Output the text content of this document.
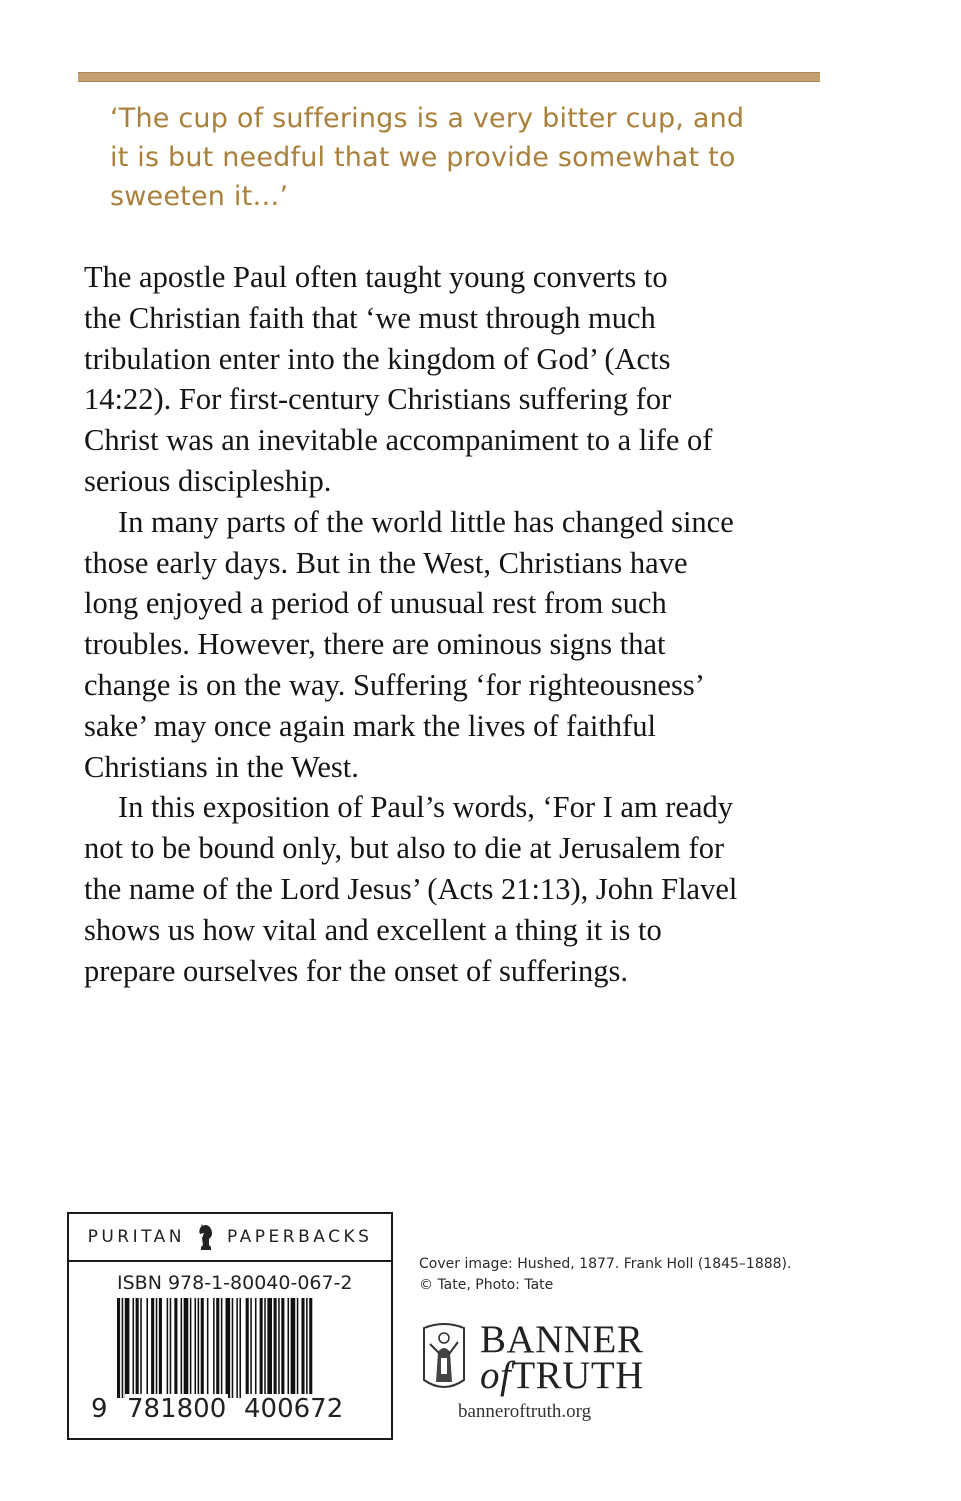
‘The cup of sufferings is a very bitter cup, and
it is but needful that we provide somewhat to
sweeten it…’

The apostle Paul often taught young converts to
the Christian faith that ‘we must through much
tribulation enter into the kingdom of God’ (Acts
14:22). For first-century Christians suffering for
Christ was an inevitable accompaniment to a life of
serious discipleship.

In many parts of the world little has changed since
those early days. But in the West, Christians have
long enjoyed a period of unusual rest from such
troubles. However, there are ominous signs that
change is on the way. Suffering ‘for righteousness’
sake’ may once again mark the lives of faithful
Christians in the West.

In this exposition of Paul’s words, ‘For I am ready
not to be bound only, but also to die at Jerusalem for
the name of the Lord Jesus’ (Acts 21:13), John Flavel
shows us how vital and excellent a thing it is to
prepare ourselves for the onset of sufferings.

PURITAN PAPERBACKS
ISBN 978-1-80040-067-2
9 781800 400672
Cover image: Hushed, 1877. Frank Holl (1845–1888).
© Tate, Photo: Tate
BANNER
ofTRUTH
banneroftruth.org
